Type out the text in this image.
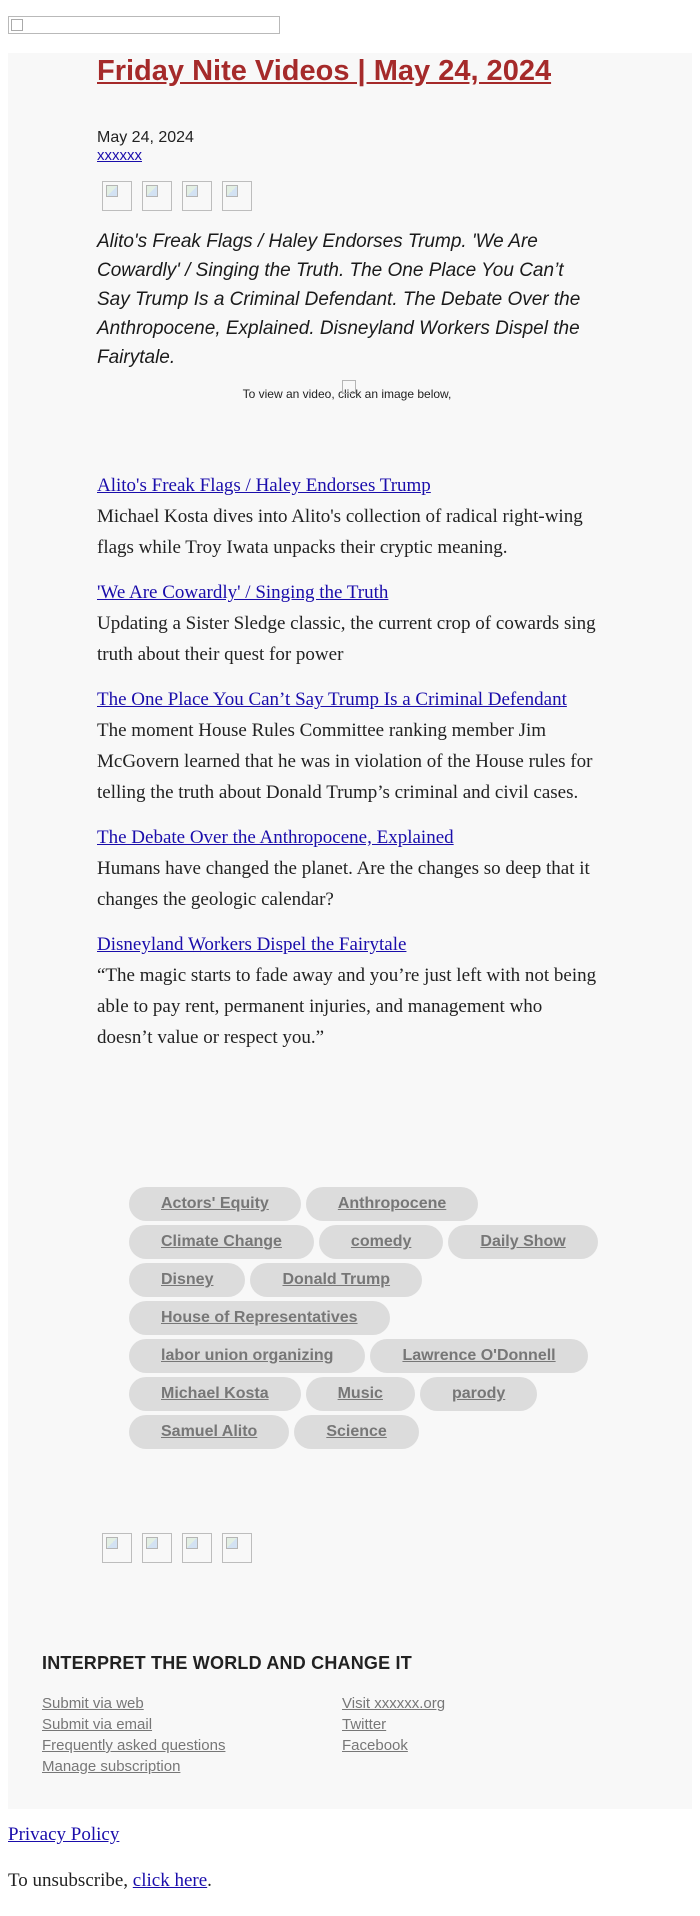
Friday Nite Videos | May 24, 2024
May 24, 2024
xxxxxx
Alito's Freak Flags / Haley Endorses Trump. 'We Are Cowardly' / Singing the Truth. The One Place You Can’t Say Trump Is a Criminal Defendant. The Debate Over the Anthropocene, Explained. Disneyland Workers Dispel the Fairytale.
To view an video, click an image below,
Alito's Freak Flags / Haley Endorses Trump

Michael Kosta dives into Alito's collection of radical right-wing flags while Troy Iwata unpacks their cryptic meaning.

'We Are Cowardly' / Singing the Truth

Updating a Sister Sledge classic, the current crop of cowards sing truth about their quest for power

The One Place You Can’t Say Trump Is a Criminal Defendant

The moment House Rules Committee ranking member Jim McGovern learned that he was in violation of the House rules for telling the truth about Donald Trump’s criminal and civil cases.

The Debate Over the Anthropocene, Explained

Humans have changed the planet. Are the changes so deep that it changes the geologic calendar?

Disneyland Workers Dispel the Fairytale

“The magic starts to fade away and you’re just left with not being able to pay rent, permanent injuries, and management who doesn’t value or respect you.”

Actors' Equity	Anthropocene
Climate Change	comedy	Daily Show
Disney	Donald Trump
House of Representatives
labor union organizing	Lawrence O'Donnell
Michael Kosta	Music	parody
Samuel Alito	Science
INTERPRET THE WORLD AND CHANGE IT
Submit via web
Submit via email
Frequently asked questions
Manage subscription
Visit xxxxxx.org
Twitter
Facebook
Privacy Policy
To unsubscribe, click here.
